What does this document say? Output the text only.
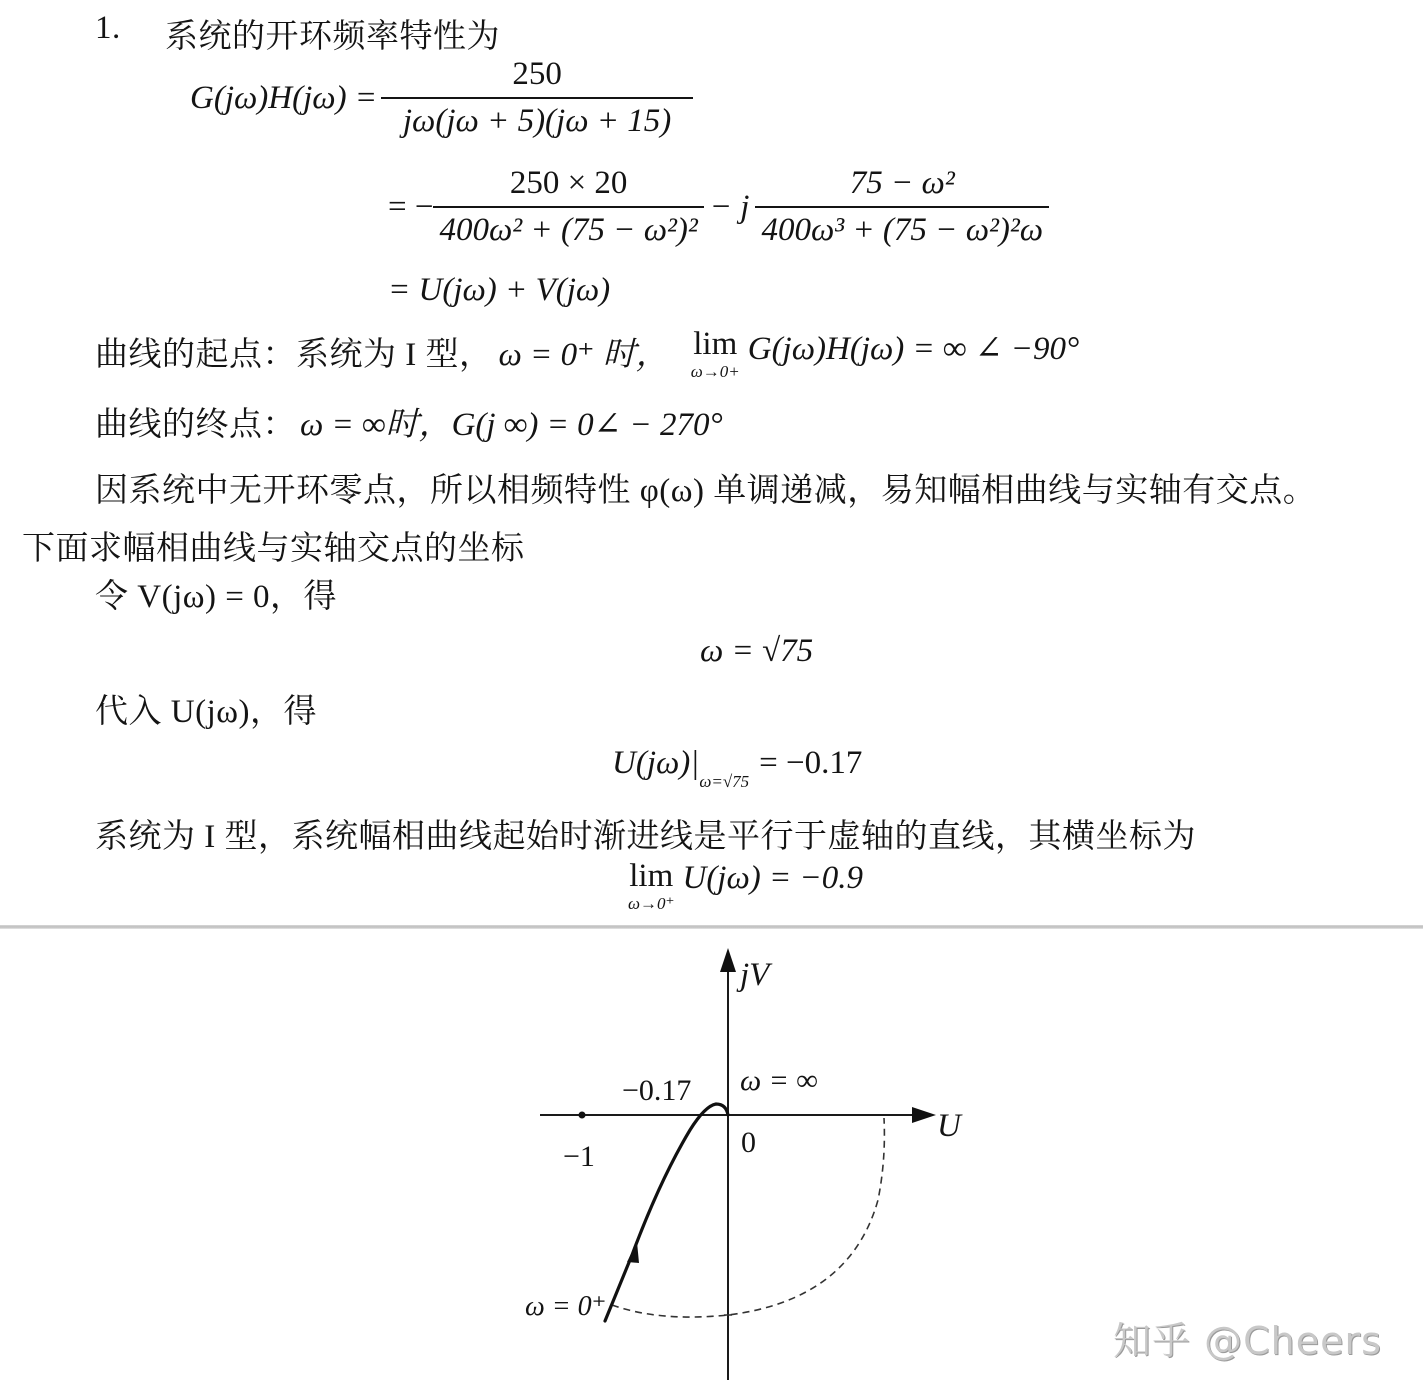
1. 系统的开环频率特性为
$G(j\omega)H(j\omega) = \frac{250}{j\omega(j\omega + 5)(j\omega + 15)}$
= − $\frac{250 \times 20}{\text{400ω² + (75 − ω²)²}} - j \frac{\text{75 − ω²}}{\text{400ω³ + (75 − ω²)²ω}}$
= U(jω) + V(jω)
曲线的起点：系统为 I 型， ω = 0⁺ 时， lim
ω→0+
G(jω)H(jω) = ∞ ∠ −90°
曲线的终点： ω = ∞时，G(j ∞) = 0∠ − 270°
因系统中无开环零点，所以相频特性 φ(ω) 单调递减，易知幅相曲线与实轴有交点。
下面求幅相曲线与实轴交点的坐标
令 V(jω) = 0，得
ω = √75
代入 U(jω)，得
U(jω)|
ω=√75
= −0.17
系统为 I 型，系统幅相曲线起始时渐进线是平行于虚轴的直线，其横坐标为
lim
ω→0⁺
U(jω) = −0.9
jV
U
0
−1
−0.17 ω = ∞
ω = 0⁺
知乎 @Cheers
